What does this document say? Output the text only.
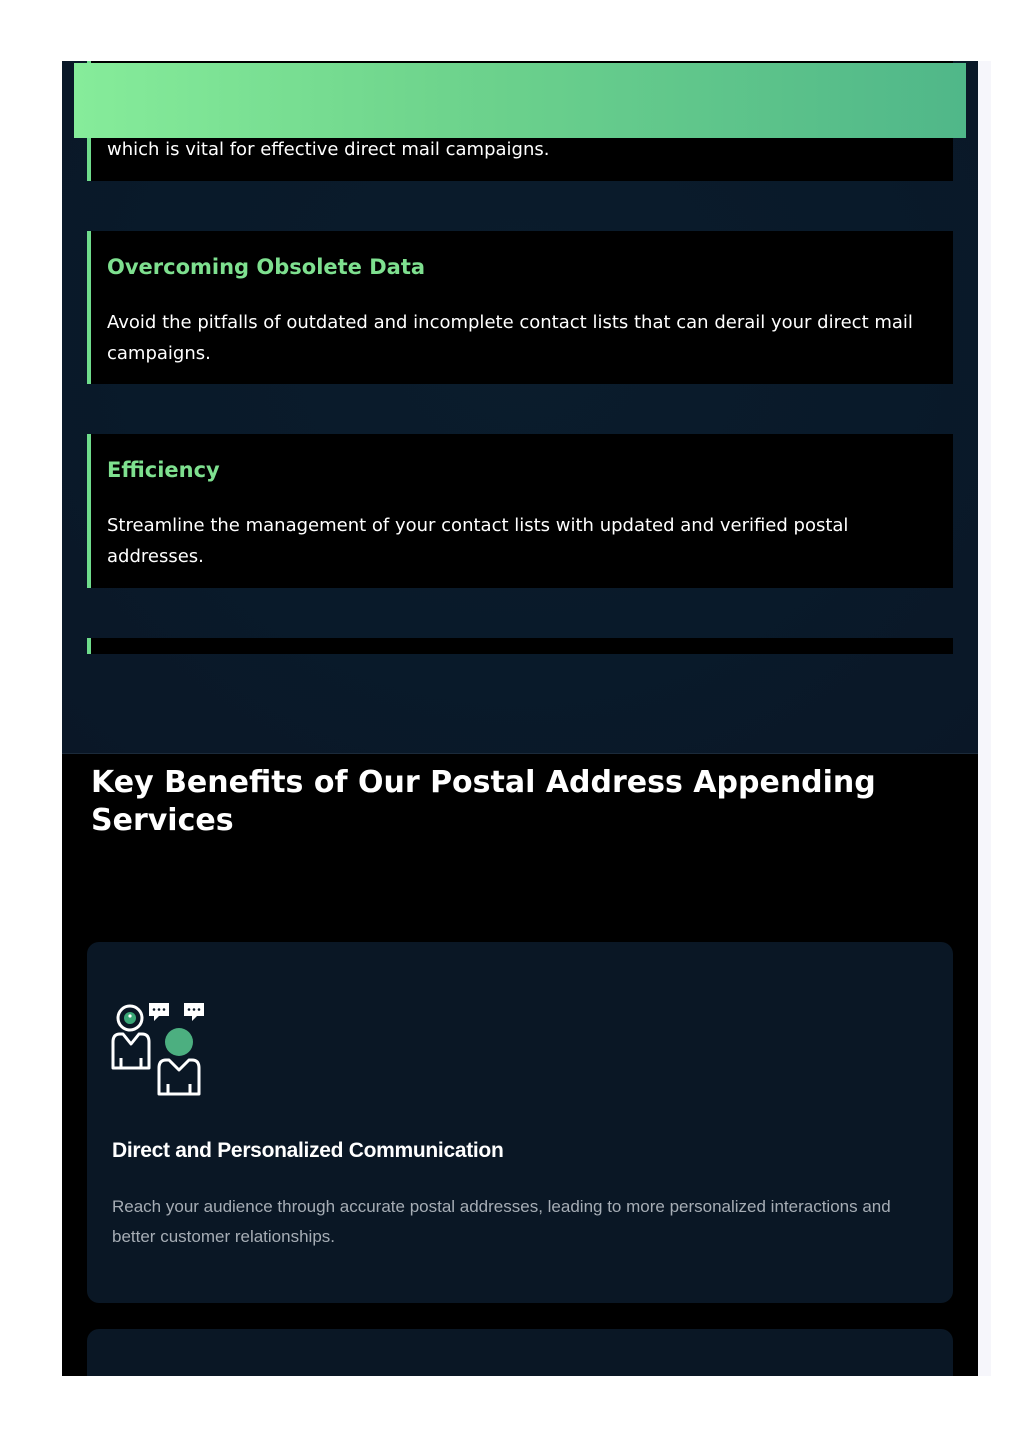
which is vital for effective direct mail campaigns.

Overcoming Obsolete Data

Avoid the pitfalls of outdated and incomplete contact lists that can derail your direct mail campaigns.

Efficiency

Streamline the management of your contact lists with updated and verified postal addresses.

Key Benefits of Our Postal Address Appending Services
Direct and Personalized Communication

Reach your audience through accurate postal addresses, leading to more personalized interactions and better customer relationships.
